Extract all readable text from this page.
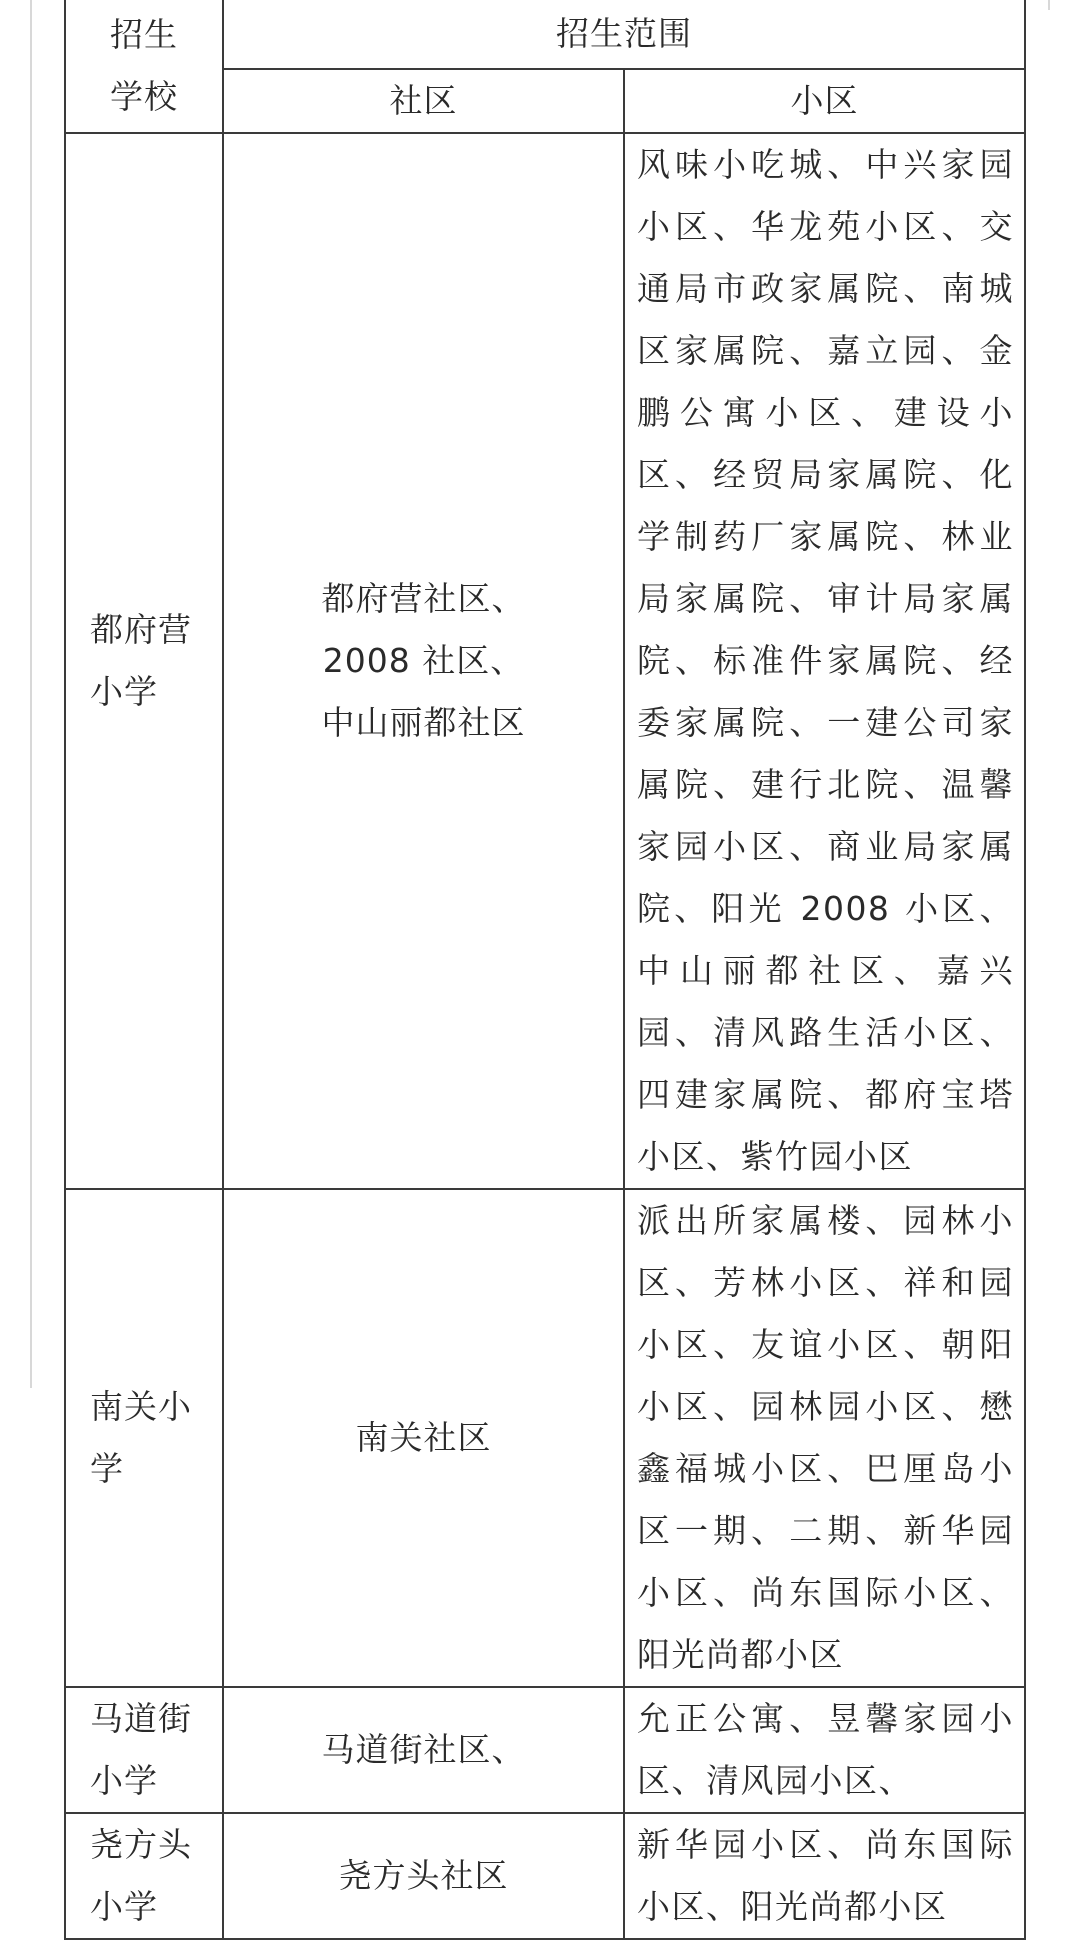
招生学校	招生范围	
	社区	小区

都府营小学	都府营社区、2008 社区、中山丽都社区	风味小吃城、中兴家园小区、华龙苑小区、交通局市政家属院、南城区家属院、嘉立园、金鹏公寓小区、建设小区、经贸局家属院、化学制药厂家属院、林业局家属院、审计局家属院、标准件家属院、经委家属院、一建公司家属院、建行北院、温馨家园小区、商业局家属院、阳光 2008 小区、中山丽都社区、嘉兴园、清风路生活小区、四建家属院、都府宝塔小区、紫竹园小区

南关小学	南关社区	派出所家属楼、园林小区、芳林小区、祥和园小区、友谊小区、朝阳小区、园林园小区、懋鑫福城小区、巴厘岛小区一期、二期、新华园小区、尚东国际小区、阳光尚都小区

马道街小学	马道街社区、	允正公寓、昱馨家园小区、清风园小区、

尧方头小学	尧方头社区	新华园小区、尚东国际小区、阳光尚都小区
